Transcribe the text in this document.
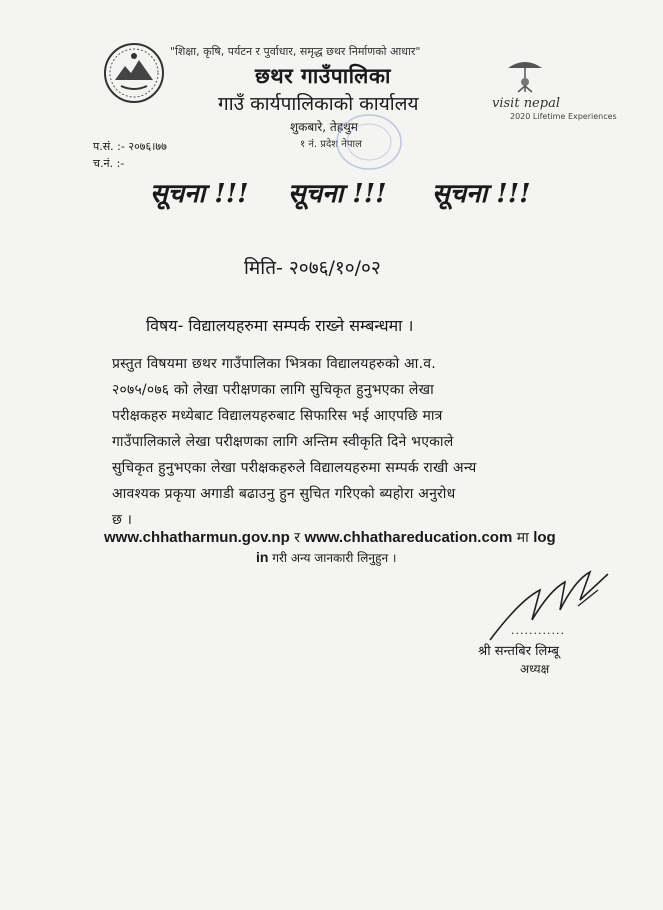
"शिक्षा, कृषि, पर्यटन र पुर्वाधार, समृद्ध छथर निर्माणको आधार"
छथर गाउँपालिका
गाउँ कार्यपालिकाको कार्यालय
शुकबारे, तेह्रथुम
१ नं. प्रदेश नेपाल
visit nepal
2020 Lifetime Experiences
प.सं. :- २०७६।७७
च.नं. :-
सूचना !!! सूचना !!! सूचना !!!
मिति- २०७६/१०/०२
विषय- विद्यालयहरुमा सम्पर्क राख्ने सम्बन्धमा ।
प्रस्तुत विषयमा छथर गाउँपालिका भित्रका विद्यालयहरुको आ.व.
२०७५/०७६ को लेखा परीक्षणका लागि सुचिकृत हुनुभएका लेखा
परीक्षकहरु मध्येबाट विद्यालयहरुबाट सिफारिस भई आएपछि मात्र
गाउँपालिकाले लेखा परीक्षणका लागि अन्तिम स्वीकृति दिने भएकाले
सुचिकृत हुनुभएका लेखा परीक्षकहरुले विद्यालयहरुमा सम्पर्क राखी अन्य
आवश्यक प्रकृया अगाडी बढाउनु हुन सुचित गरिएको ब्यहोरा अनुरोध
छ ।
www.chhatharmun.gov.np र www.chhathareducation.com मा log
in गरी अन्य जानकारी लिनुहुन ।
............
श्री सन्तबिर लिम्बू
अध्यक्ष
